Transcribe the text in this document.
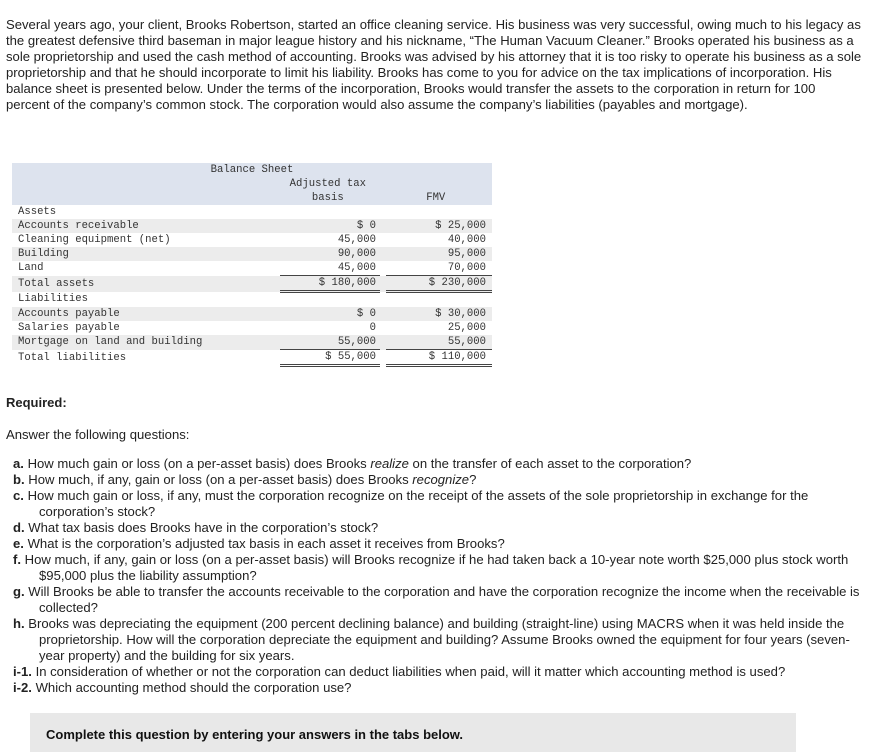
Several years ago, your client, Brooks Robertson, started an office cleaning service. His business was very successful, owing much to his legacy as the greatest defensive third baseman in major league history and his nickname, “The Human Vacuum Cleaner.” Brooks operated his business as a sole proprietorship and used the cash method of accounting. Brooks was advised by his attorney that it is too risky to operate his business as a sole proprietorship and that he should incorporate to limit his liability. Brooks has come to you for advice on the tax implications of incorporation. His balance sheet is presented below. Under the terms of the incorporation, Brooks would transfer the assets to the corporation in return for 100 percent of the company’s common stock. The corporation would also assume the company’s liabilities (payables and mortgage).

Balance Sheet			
	Adjusted tax		
	basis		FMV
Assets			
Accounts receivable	$ 0		$ 25,000
Cleaning equipment (net)	45,000		40,000
Building	90,000		95,000
Land	45,000		70,000
Total assets	$ 180,000		$ 230,000
Liabilities			
Accounts payable	$ 0		$ 30,000
Salaries payable	0		25,000
Mortgage on land and building	55,000		55,000
Total liabilities	$ 55,000		$ 110,000
Required:
Answer the following questions:

a. How much gain or loss (on a per-asset basis) does Brooks realize on the transfer of each asset to the corporation?

b. How much, if any, gain or loss (on a per-asset basis) does Brooks recognize?

c. How much gain or loss, if any, must the corporation recognize on the receipt of the assets of the sole proprietorship in exchange for the corporation’s stock?

d. What tax basis does Brooks have in the corporation’s stock?

e. What is the corporation’s adjusted tax basis in each asset it receives from Brooks?

f. How much, if any, gain or loss (on a per-asset basis) will Brooks recognize if he had taken back a 10-year note worth $25,000 plus stock worth $95,000 plus the liability assumption?

g. Will Brooks be able to transfer the accounts receivable to the corporation and have the corporation recognize the income when the receivable is collected?

h. Brooks was depreciating the equipment (200 percent declining balance) and building (straight-line) using MACRS when it was held inside the proprietorship. How will the corporation depreciate the equipment and building? Assume Brooks owned the equipment for four years (seven-year property) and the building for six years.

i-1. In consideration of whether or not the corporation can deduct liabilities when paid, will it matter which accounting method is used?

i-2. Which accounting method should the corporation use?

Complete this question by entering your answers in the tabs below.
